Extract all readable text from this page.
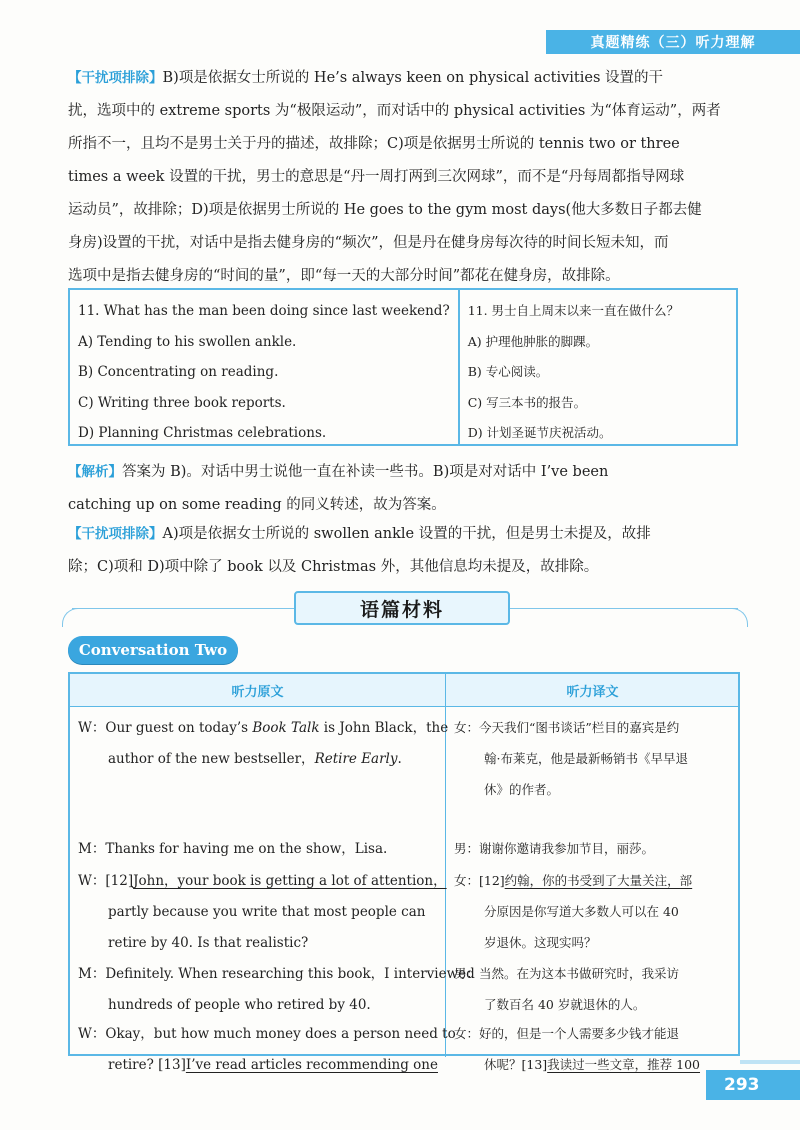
真题精练（三）听力理解
【干扰项排除】B)项是依据女士所说的 He’s always keen on physical activities 设置的干
扰，选项中的 extreme sports 为“极限运动”，而对话中的 physical activities 为“体育运动”，两者
所指不一，且均不是男士关于丹的描述，故排除；C)项是依据男士所说的 tennis two or three
times a week 设置的干扰，男士的意思是“丹一周打两到三次网球”，而不是“丹每周都指导网球
运动员”，故排除；D)项是依据男士所说的 He goes to the gym most days(他大多数日子都去健
身房)设置的干扰，对话中是指去健身房的“频次”，但是丹在健身房每次待的时间长短未知，而
选项中是指去健身房的“时间的量”，即“每一天的大部分时间”都花在健身房，故排除。
11. What has the man been doing since last weekend?
A) Tending to his swollen ankle.
B) Concentrating on reading.
C) Writing three book reports.
D) Planning Christmas celebrations.
11. 男士自上周末以来一直在做什么？
A) 护理他肿胀的脚踝。
B) 专心阅读。
C) 写三本书的报告。
D) 计划圣诞节庆祝活动。
【解析】答案为 B)。对话中男士说他一直在补读一些书。B)项是对对话中 I’ve been
catching up on some reading 的同义转述，故为答案。
【干扰项排除】A)项是依据女士所说的 swollen ankle 设置的干扰，但是男士未提及，故排
除；C)项和 D)项中除了 book 以及 Christmas 外，其他信息均未提及，故排除。
语篇材料
Conversation Two
听力原文	听力译文
W：Our guest on today’s Book Talk is John Black，the
author of the new bestseller，Retire Early.
M：Thanks for having me on the show，Lisa.
W：[12]John，your book is getting a lot of attention，
partly because you write that most people can
retire by 40. Is that realistic?
M：Definitely. When researching this book，I interviewed
hundreds of people who retired by 40.
W：Okay，but how much money does a person need to
retire? [13]I’ve read articles recommending one
女：今天我们“图书谈话”栏目的嘉宾是约
翰·布莱克，他是最新畅销书《早早退
休》的作者。
男：谢谢你邀请我参加节目，丽莎。
女：[12]约翰，你的书受到了大量关注，部
分原因是你写道大多数人可以在 40
岁退休。这现实吗？
男：当然。在为这本书做研究时，我采访
了数百名 40 岁就退休的人。
女：好的，但是一个人需要多少钱才能退
休呢？[13]我读过一些文章，推荐 100
293
